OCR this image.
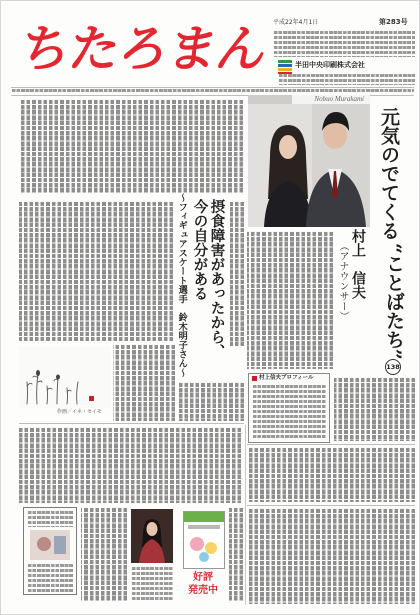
ちたろまん 平成22年4月1日	第283号
半田中央印刷株式会社
摂食障害があったから、
今の自分がある
～フィギュアスケート選手　鈴木明子さん～
作画／イネ・セイモ
Nobuo Murakami
元気のでてくる
“ことばたち”
138
村上　信夫
（アナウンサー）
村上信夫プロフィール
好評
発売中
